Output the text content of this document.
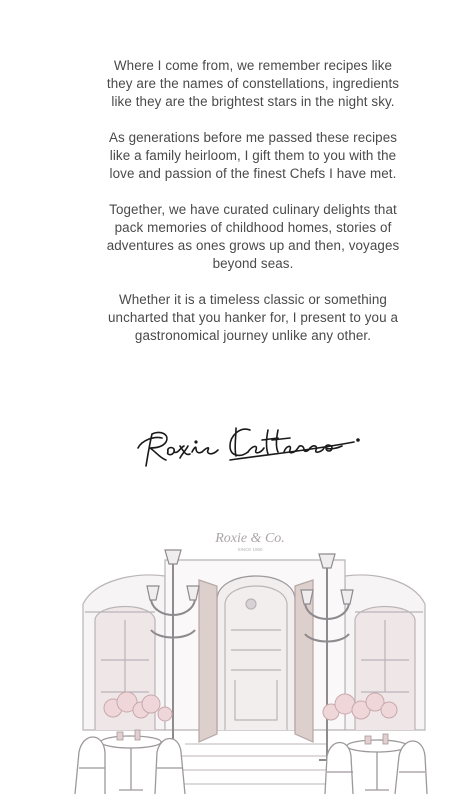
Where I come from, we remember recipes like they are the names of constellations, ingredients like they are the brightest stars in the night sky.

As generations before me passed these recipes like a family heirloom, I gift them to you with the love and passion of the finest Chefs I have met.

Together, we have curated culinary delights that pack memories of childhood homes, stories of adventures as ones grows up and then, voyages beyond seas.

Whether it is a timeless classic or something uncharted that you hanker for, I present to you a gastronomical journey unlike any other.

Roxie & Co.
SINCE 1950
